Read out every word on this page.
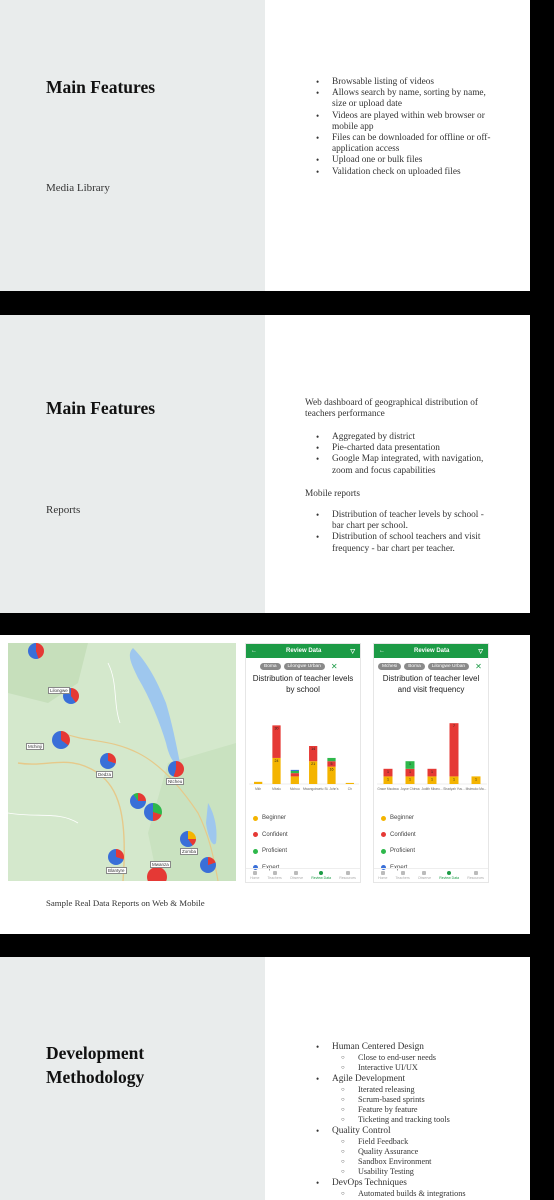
Main Features
Media Library
• Browsable listing of videos
• Allows search by name, sorting by name, size or upload date
• Videos are played within web browser or mobile app
• Files can be downloaded for offline or off-application access
• Upload one or bulk files
• Validation check on uploaded files
Main Features
Reports
Web dashboard of geographical distribution of teachers performance
• Aggregated by district
• Pie-charted data presentation
• Google Map integrated, with navigation, zoom and focus capabilities
Mobile reports
• Distribution of teacher levels by school - bar chart per school.
• Distribution of school teachers and visit frequency - bar chart per teacher.
Lilongwe
Mchinji
Dedza
Ntcheu
Zomba
Blantyre
Mwanza
←	Review Data	▽
Boma	Lilongwe Urban	✕
Distribution of teacher levels by school
Mkh
24
30
Mbalu	Mchuu
21
14
Mwangokwetu
16
5
St. John's	Ch
Beginner
Confident
Proficient
Expert
Home Teachers Observe Review Data Resources
←	Review Data	▽
Mchesi	Boma	Lilongwe Urban	✕
Distribution of teacher level and visit frequency
1
1
Grace Msukwa
1
1
1
Joyce Chirwa
1
1
Judith Mbaru...
1
7
Shadyah Yus...
1
Msimuko Ma...
Beginner
Confident
Proficient
Expert
Home Teachers Observe Review Data Resources
Sample Real Data Reports on Web & Mobile
Development
Methodology
• Human Centered Design
○ Close to end-user needs
○ Interactive UI/UX
• Agile Development
○ Iterated releasing
○ Scrum-based sprints
○ Feature by feature
○ Ticketing and tracking tools
• Quality Control
○ Field Feedback
○ Quality Assurance
○ Sandbox Environment
○ Usability Testing
• DevOps Techniques
○ Automated builds & integrations
